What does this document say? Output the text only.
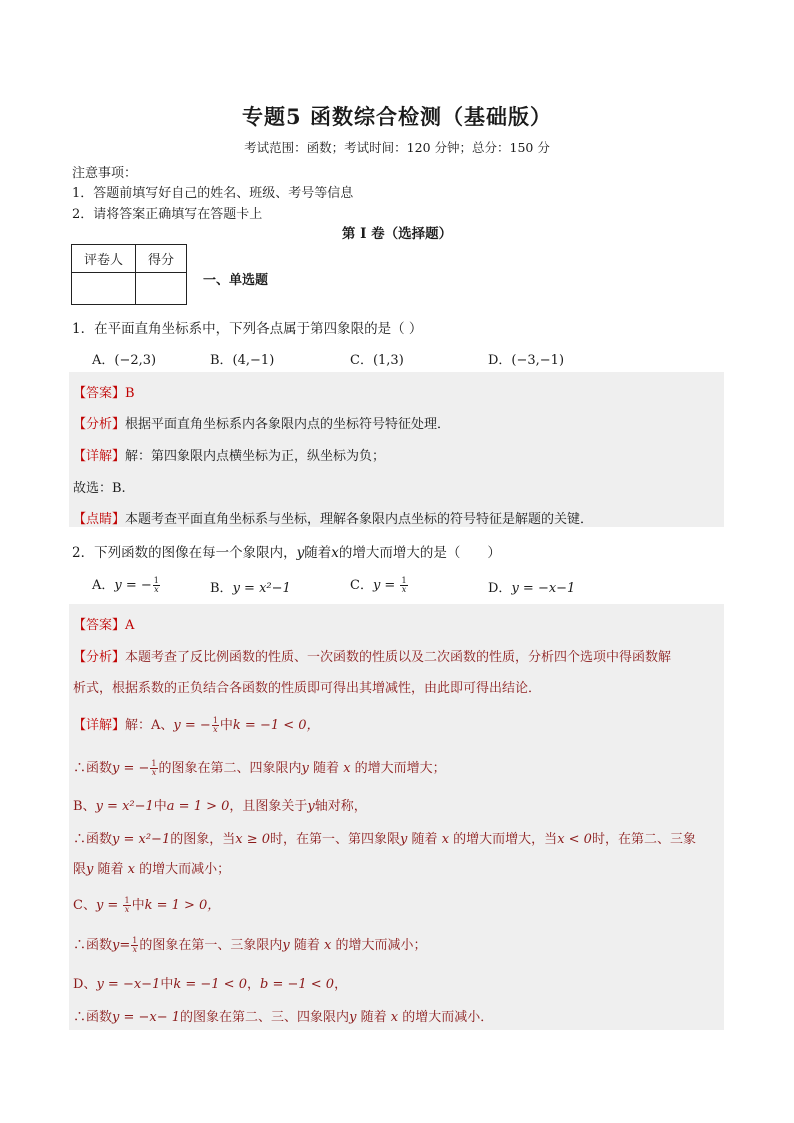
专题5 函数综合检测（基础版）
考试范围：函数；考试时间：120 分钟；总分：150 分
注意事项：
1．答题前填写好自己的姓名、班级、考号等信息
2．请将答案正确填写在答题卡上
第 I 卷（选择题）
评卷人	得分

一、单选题
1．在平面直角坐标系中，下列各点属于第四象限的是（ ）
A．(−2,3)	B．(4,−1)	C．(1,3)	D．(−3,−1)
【答案】B
【分析】根据平面直角坐标系内各象限内点的坐标符号特征处理．
【详解】解：第四象限内点横坐标为正，纵坐标为负；
故选：B.
【点睛】本题考查平面直角坐标系与坐标，理解各象限内点坐标的符号特征是解题的关键．
2．下列函数的图像在每一个象限内，y随着x的增大而增大的是（　　）
A．y = − $\frac{1}{x}$	B．y = x²−1	C．$y = \frac{1}{x}$	D．y = −x−1
【答案】A
【分析】本题考查了反比例函数的性质、一次函数的性质以及二次函数的性质，分析四个选项中得函数解
析式，根据系数的正负结合各函数的性质即可得出其增减性，由此即可得出结论．
【详解】解：A、y = − $\frac{1}{x}$ 中k = −1 < 0，
∴函数y = − $\frac{1}{x}$ 的图象在第二、四象限内y 随着 x 的增大而增大；
B、y = x²−1中a = 1 > 0，且图象关于y轴对称，
∴函数y = x²−1的图象，当x ≥ 0时，在第一、第四象限y 随着 x 的增大而增大，当x < 0时，在第二、三象
限y 随着 x 的增大而减小；
C、$y = \frac{1}{x}$ 中k = 1 > 0，
∴函数$y= \frac{1}{x}$ 的图象在第一、三象限内y 随着 x 的增大而减小；
D、y = −x−1中k = −1 < 0，b = −1 < 0，
∴函数y = −x− 1的图象在第二、三、四象限内y 随着 x 的增大而减小．
